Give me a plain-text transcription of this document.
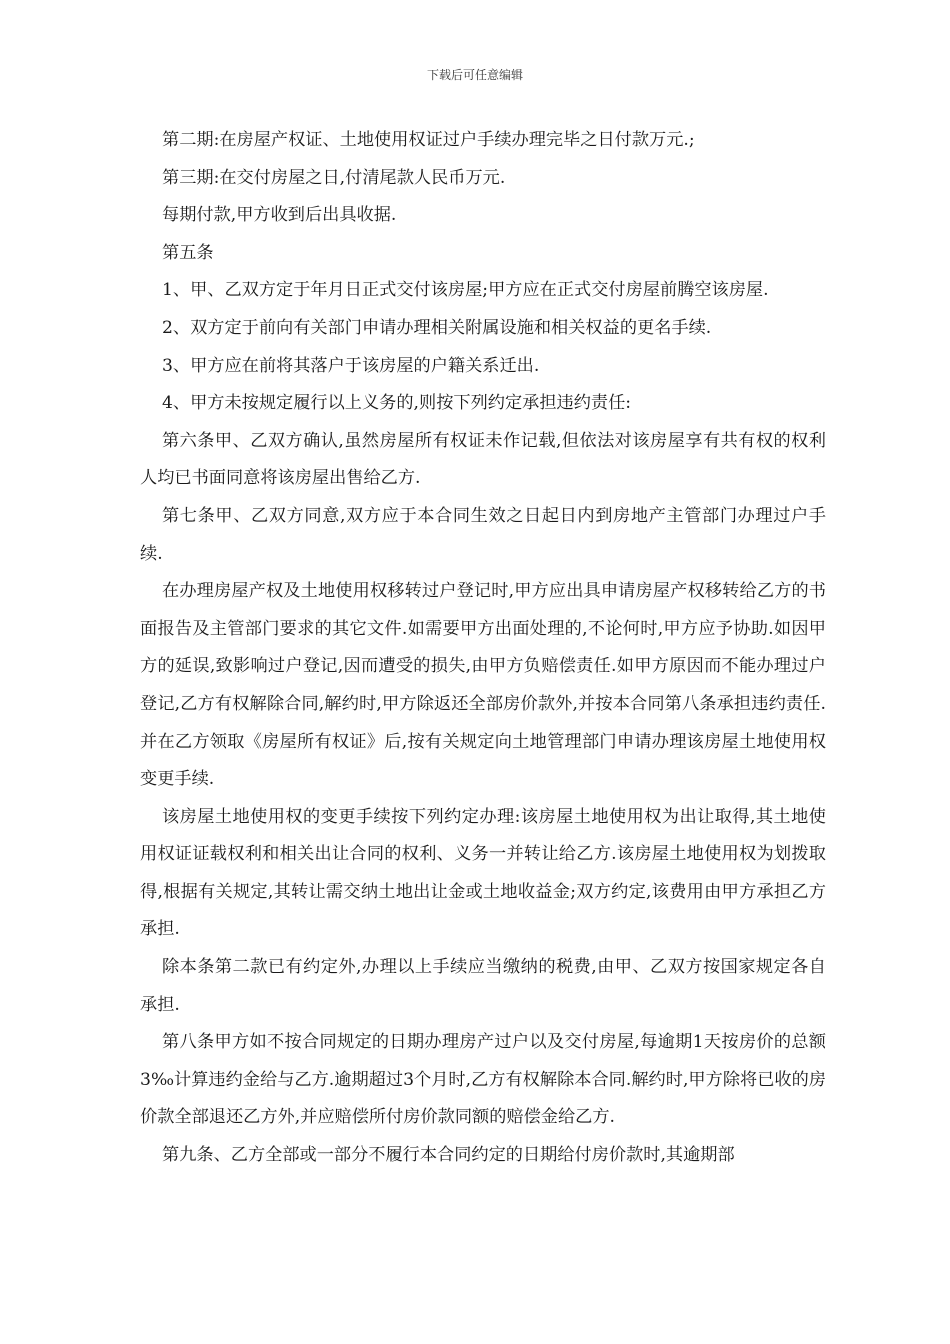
下载后可任意编辑

第二期:在房屋产权证、土地使用权证过户手续办理完毕之日付款万元.;

第三期:在交付房屋之日,付清尾款人民币万元.

每期付款,甲方收到后出具收据.

第五条

1、甲、乙双方定于年月日正式交付该房屋;甲方应在正式交付房屋前腾空该房屋.

2、双方定于前向有关部门申请办理相关附属设施和相关权益的更名手续.

3、甲方应在前将其落户于该房屋的户籍关系迁出.

4、甲方未按规定履行以上义务的,则按下列约定承担违约责任:

第六条甲、乙双方确认,虽然房屋所有权证未作记载,但依法对该房屋享有共有权的权利人均已书面同意将该房屋出售给乙方.

第七条甲、乙双方同意,双方应于本合同生效之日起日内到房地产主管部门办理过户手续.

在办理房屋产权及土地使用权移转过户登记时,甲方应出具申请房屋产权移转给乙方的书面报告及主管部门要求的其它文件.如需要甲方出面处理的,不论何时,甲方应予协助.如因甲方的延误,致影响过户登记,因而遭受的损失,由甲方负赔偿责任.如甲方原因而不能办理过户登记,乙方有权解除合同,解约时,甲方除返还全部房价款外,并按本合同第八条承担违约责任.并在乙方领取《房屋所有权证》后,按有关规定向土地管理部门申请办理该房屋土地使用权变更手续.

该房屋土地使用权的变更手续按下列约定办理:该房屋土地使用权为出让取得,其土地使用权证证载权利和相关出让合同的权利、义务一并转让给乙方.该房屋土地使用权为划拨取得,根据有关规定,其转让需交纳土地出让金或土地收益金;双方约定,该费用由甲方承担乙方承担.

除本条第二款已有约定外,办理以上手续应当缴纳的税费,由甲、乙双方按国家规定各自承担.

第八条甲方如不按合同规定的日期办理房产过户以及交付房屋,每逾期1天按房价的总额3‰计算违约金给与乙方.逾期超过3个月时,乙方有权解除本合同.解约时,甲方除将已收的房价款全部退还乙方外,并应赔偿所付房价款同额的赔偿金给乙方.

第九条、乙方全部或一部分不履行本合同约定的日期给付房价款时,其逾期部
